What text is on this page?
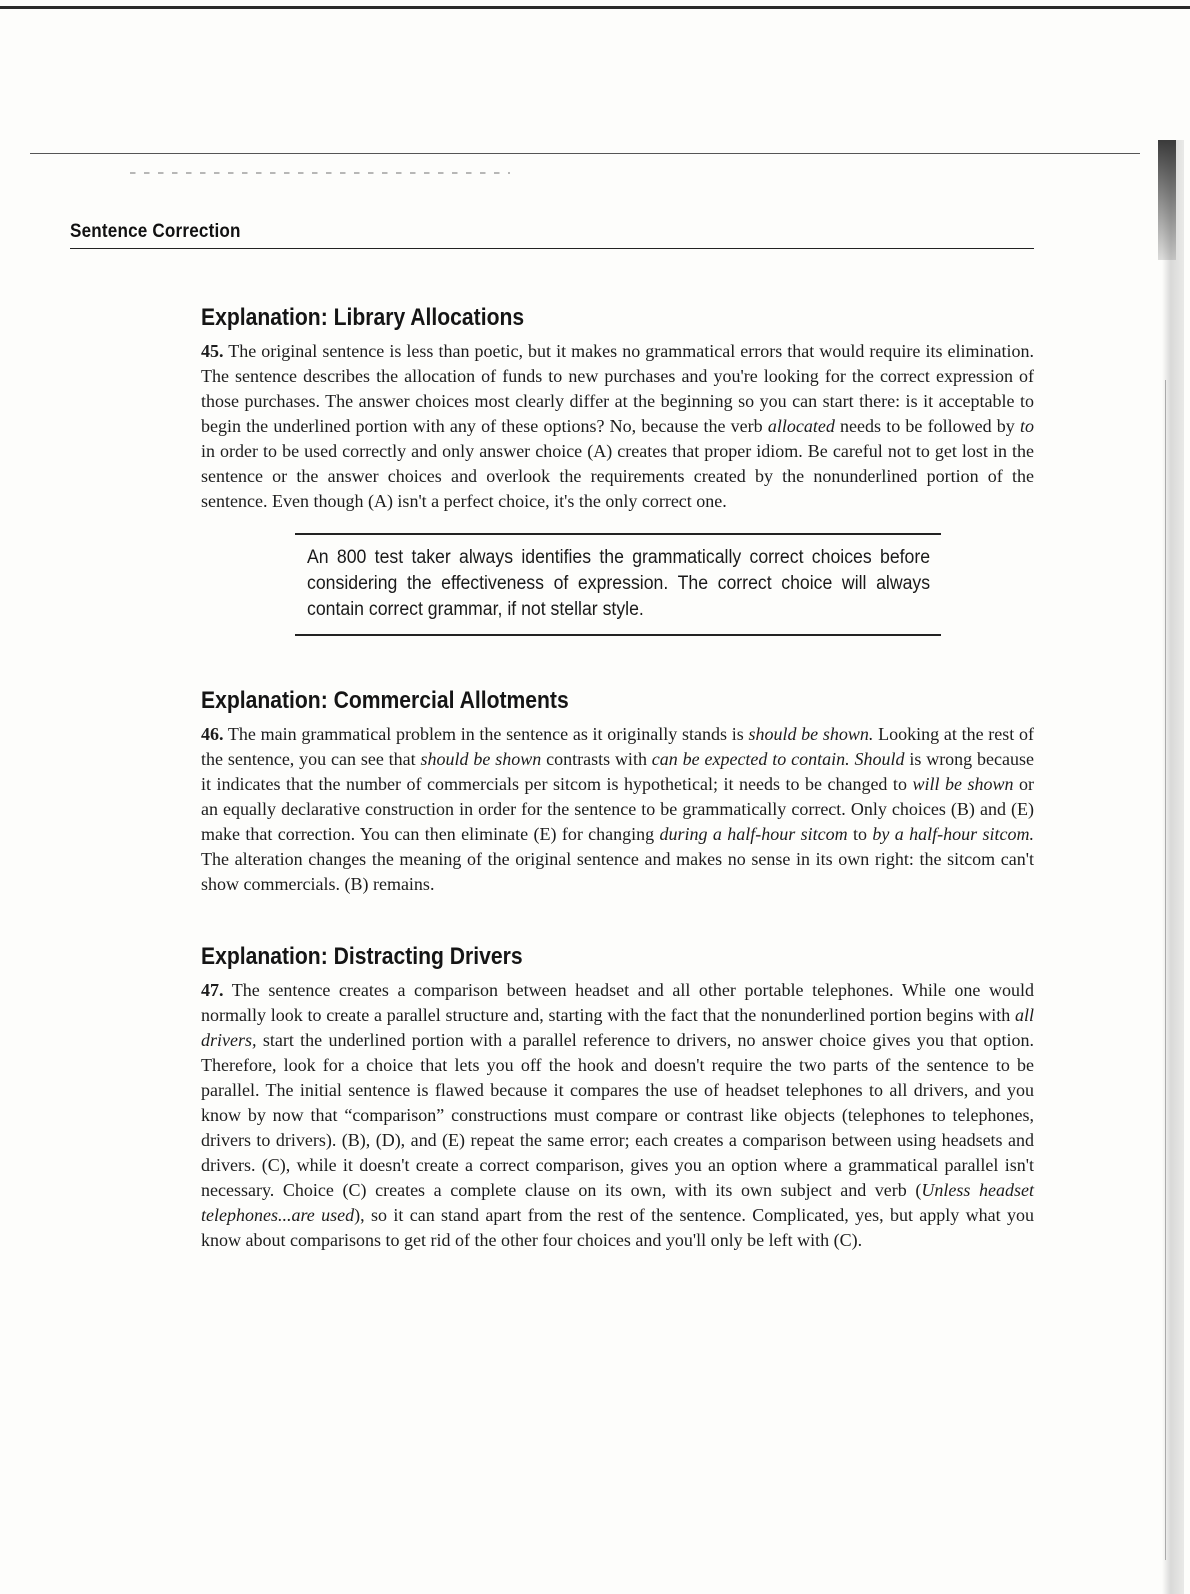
Sentence Correction
Explanation: Library Allocations

45. The original sentence is less than poetic, but it makes no grammatical errors that would require its elimination. The sentence describes the allocation of funds to new purchases and you're looking for the correct expression of those purchases. The answer choices most clearly differ at the beginning so you can start there: is it acceptable to begin the underlined portion with any of these options? No, because the verb allocated needs to be followed by to in order to be used correctly and only answer choice (A) creates that proper idiom. Be careful not to get lost in the sentence or the answer choices and overlook the requirements created by the nonunderlined portion of the sentence. Even though (A) isn't a perfect choice, it's the only correct one.

An 800 test taker always identifies the grammatically correct choices before considering the effectiveness of expression. The correct choice will always contain correct grammar, if not stellar style.
Explanation: Commercial Allotments

46. The main grammatical problem in the sentence as it originally stands is should be shown. Looking at the rest of the sentence, you can see that should be shown contrasts with can be expected to contain. Should is wrong because it indicates that the number of commercials per sitcom is hypothetical; it needs to be changed to will be shown or an equally declarative construction in order for the sentence to be grammatically correct. Only choices (B) and (E) make that correction. You can then eliminate (E) for changing during a half-hour sitcom to by a half-hour sitcom. The alteration changes the meaning of the original sentence and makes no sense in its own right: the sitcom can't show commercials. (B) remains.

Explanation: Distracting Drivers

47. The sentence creates a comparison between headset and all other portable telephones. While one would normally look to create a parallel structure and, starting with the fact that the nonunderlined portion begins with all drivers, start the underlined portion with a parallel reference to drivers, no answer choice gives you that option. Therefore, look for a choice that lets you off the hook and doesn't require the two parts of the sentence to be parallel. The initial sentence is flawed because it compares the use of headset telephones to all drivers, and you know by now that “comparison” constructions must compare or contrast like objects (telephones to telephones, drivers to drivers). (B), (D), and (E) repeat the same error; each creates a comparison between using headsets and drivers. (C), while it doesn't create a correct comparison, gives you an option where a grammatical parallel isn't necessary. Choice (C) creates a complete clause on its own, with its own subject and verb (Unless headset telephones...are used), so it can stand apart from the rest of the sentence. Complicated, yes, but apply what you know about comparisons to get rid of the other four choices and you'll only be left with (C).
